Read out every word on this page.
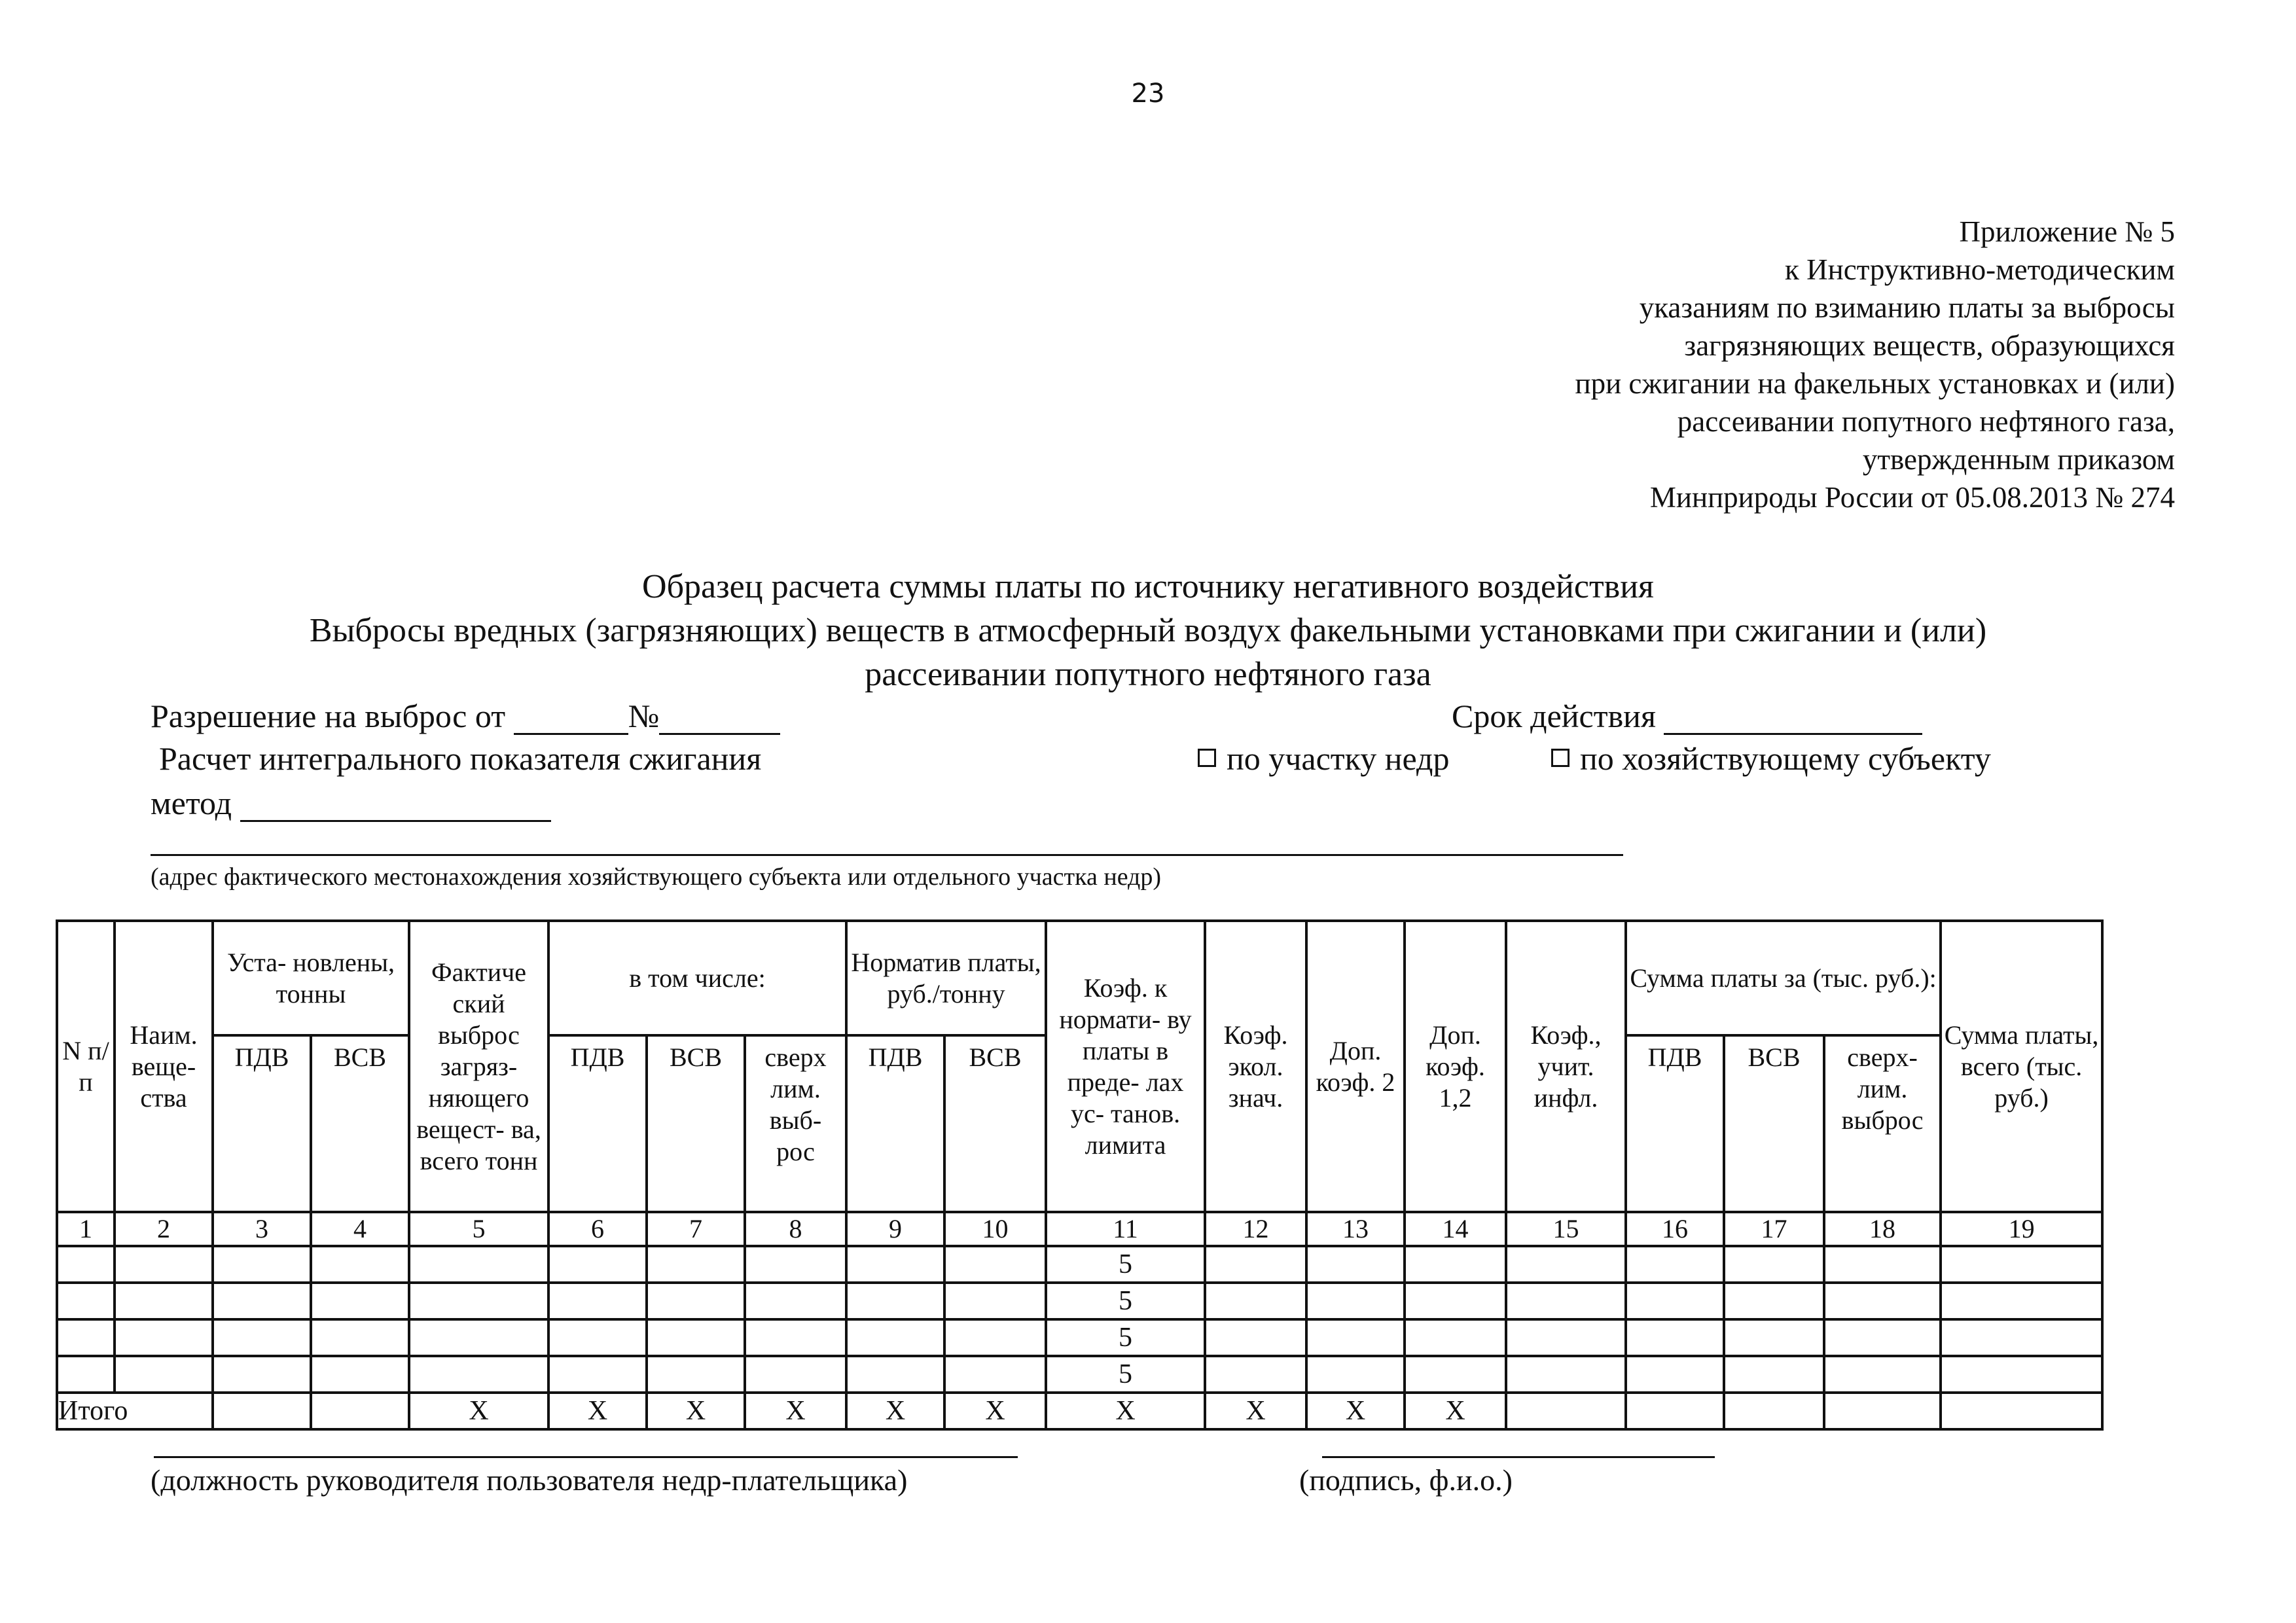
23
Приложение № 5
к Инструктивно-методическим
указаниям по взиманию платы за выбросы
загрязняющих веществ, образующихся
при сжигании на факельных установках и (или)
рассеивании попутного нефтяного газа,
утвержденным приказом
Минприроды России от 05.08.2013 № 274
Образец расчета суммы платы по источнику негативного воздействия
Выбросы вредных (загрязняющих) веществ в атмосферный воздух факельными установками при сжигании и (или)
рассеивании попутного нефтяного газа
Разрешение на выброс от	№	Срок действия
Расчет интегрального показателя сжигания	по участку недр	по хозяйствующему субъекту
метод
(адрес фактического местонахождения хозяйствующего субъекта или отдельного участка недр)
N п/ п	Наим. веще- ства	Уста- новлены, тонны		Фактиче ский выброс загряз- няющего вещест- ва, всего тонн	в том числе:			Норматив платы, руб./тонну		Коэф. к нормати- ву платы в преде- лах ус- танов. лимита	Коэф. экол. знач.	Доп. коэф. 2	Доп. коэф. 1,2	Коэф., учит. инфл.	Сумма платы за (тыс. руб.):			Сумма платы, всего (тыс. руб.)
		ПДВ	ВСВ		ПДВ	ВСВ	сверх лим. выб- рос	ПДВ	ВСВ						ПДВ	ВСВ	сверх- лим. выброс	
1	2	3	4	5	6	7	8	9	10	11	12	13	14	15	16	17	18	19
										5								
										5								
										5								
										5								
Итого				X	X	X	X	X	X	X	X	X	X					
(должность руководителя пользователя недр-плательщика)	(подпись, ф.и.о.)
